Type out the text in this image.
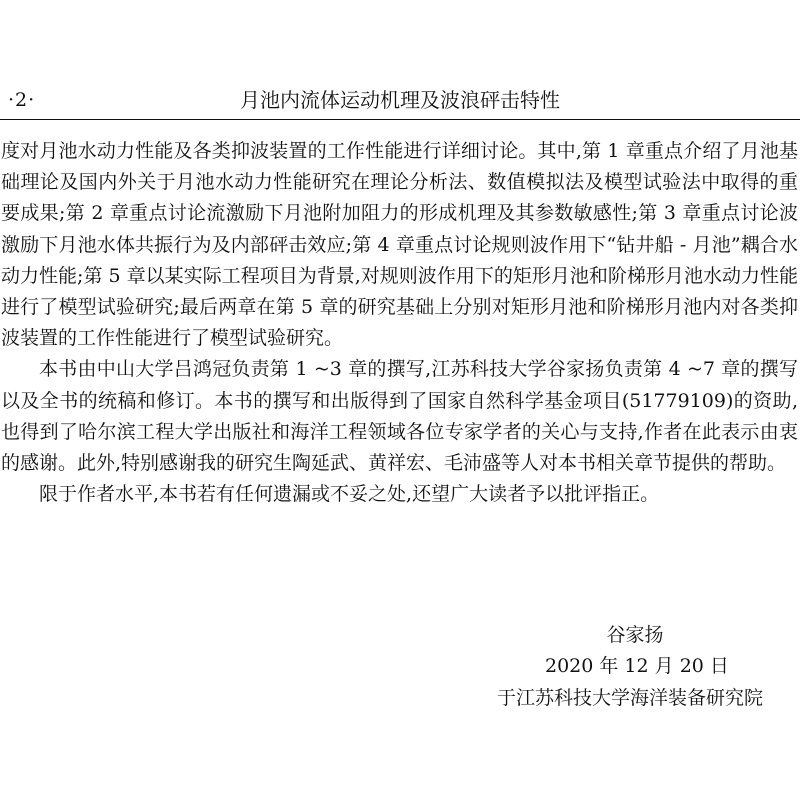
·2·	月池内流体运动机理及波浪砰击特性

度对月池水动力性能及各类抑波装置的工作性能进行详细讨论。其中,第 1 章重点介绍了月池基础理论及国内外关于月池水动力性能研究在理论分析法、数值模拟法及模型试验法中取得的重要成果;第 2 章重点讨论流激励下月池附加阻力的形成机理及其参数敏感性;第 3 章重点讨论波激励下月池水体共振行为及内部砰击效应;第 4 章重点讨论规则波作用下“钻井船 - 月池”耦合水动力性能;第 5 章以某实际工程项目为背景,对规则波作用下的矩形月池和阶梯形月池水动力性能进行了模型试验研究;最后两章在第 5 章的研究基础上分别对矩形月池和阶梯形月池内对各类抑波装置的工作性能进行了模型试验研究。

本书由中山大学吕鸿冠负责第 1 ~3 章的撰写,江苏科技大学谷家扬负责第 4 ~7 章的撰写以及全书的统稿和修订。本书的撰写和出版得到了国家自然科学基金项目(51779109)的资助,也得到了哈尔滨工程大学出版社和海洋工程领域各位专家学者的关心与支持,作者在此表示由衷的感谢。此外,特别感谢我的研究生陶延武、黄祥宏、毛沛盛等人对本书相关章节提供的帮助。

限于作者水平,本书若有任何遗漏或不妥之处,还望广大读者予以批评指正。

谷家扬
2020 年 12 月 20 日
于江苏科技大学海洋装备研究院
